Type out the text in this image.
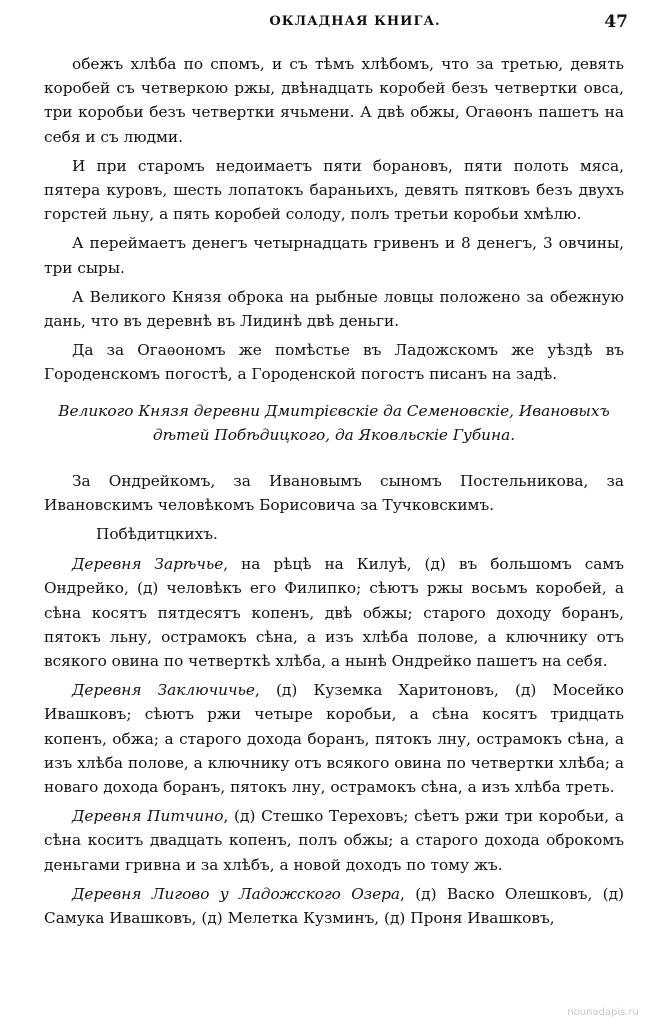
ОКЛАДНАЯ КНИГА.	47

обежъ хлѣба по спомъ, и съ тѣмъ хлѣбомъ, что за третью, девять коробей съ четверкою ржы, двѣнадцать коробей безъ четвертки овса, три коробьи безъ четвертки ячьмени. А двѣ обжы, Огаѳонъ пашетъ на себя и съ людми.

И при старомъ недоимаетъ пяти борановъ, пяти полоть мяса, пятера куровъ, шесть лопатокъ бараньихъ, девять пятковъ безъ двухъ горстей льну, а пять коробей солоду, полъ третьи коробьи хмѣлю.

А переймаетъ денегъ четырнадцать гривенъ и 8 денегъ, 3 овчины, три сыры.

А Великого Князя оброка на рыбные ловцы положено за обежную дань, что въ деревнѣ въ Лидинѣ двѣ деньги.

Да за Огаѳономъ же помѣстье въ Ладожскомъ же уѣздѣ въ Городенскомъ погостѣ, а Городенской погостъ писанъ на задѣ.

Великого Князя деревни Дмитрієвскіе да Семеновскіе, Ивановыхъ
дѣтей Побѣдицкого, да Яковльскіе Губина.

За Ондрейкомъ, за Ивановымъ сыномъ Постельникова, за Ивановскимъ человѣкомъ Борисовича за Тучковскимъ.

Побѣдитцкихъ.

Деревня Зарѣчье, на рѣцѣ на Килуѣ, (д) въ большомъ самъ Ондрейко, (д) человѣкъ его Филипко; сѣютъ ржы восьмъ коробей, а сѣна косятъ пятдесятъ копенъ, двѣ обжы; старого доходу боранъ, пятокъ льну, острамокъ сѣна, а изъ хлѣба полове, а ключнику отъ всякого овина по четверткѣ хлѣба, а нынѣ Ондрейко пашетъ на себя.

Деревня Заключичье, (д) Куземка Харитоновъ, (д) Мосейко Ивашковъ; сѣютъ ржи четыре коробьи, а сѣна косятъ тридцать копенъ, обжа; а старого дохода боранъ, пятокъ лну, острамокъ сѣна, а изъ хлѣба полове, а ключнику отъ всякого овина по четвертки хлѣба; а новаго дохода боранъ, пятокъ лну, острамокъ сѣна, а изъ хлѣба треть.

Деревня Питчино, (д) Стешко Тереховъ; сѣетъ ржи три коробьи, а сѣна коситъ двадцать копенъ, полъ обжы; а старого дохода оброкомъ деньгами гривна и за хлѣбъ, а новой доходъ по тому жъ.

Деревня Лигово у Ладожского Озера, (д) Васко Олешковъ, (д) Самука Ивашковъ, (д) Мелетка Кузминъ, (д) Проня Ивашковъ,

nounadapis.ru
